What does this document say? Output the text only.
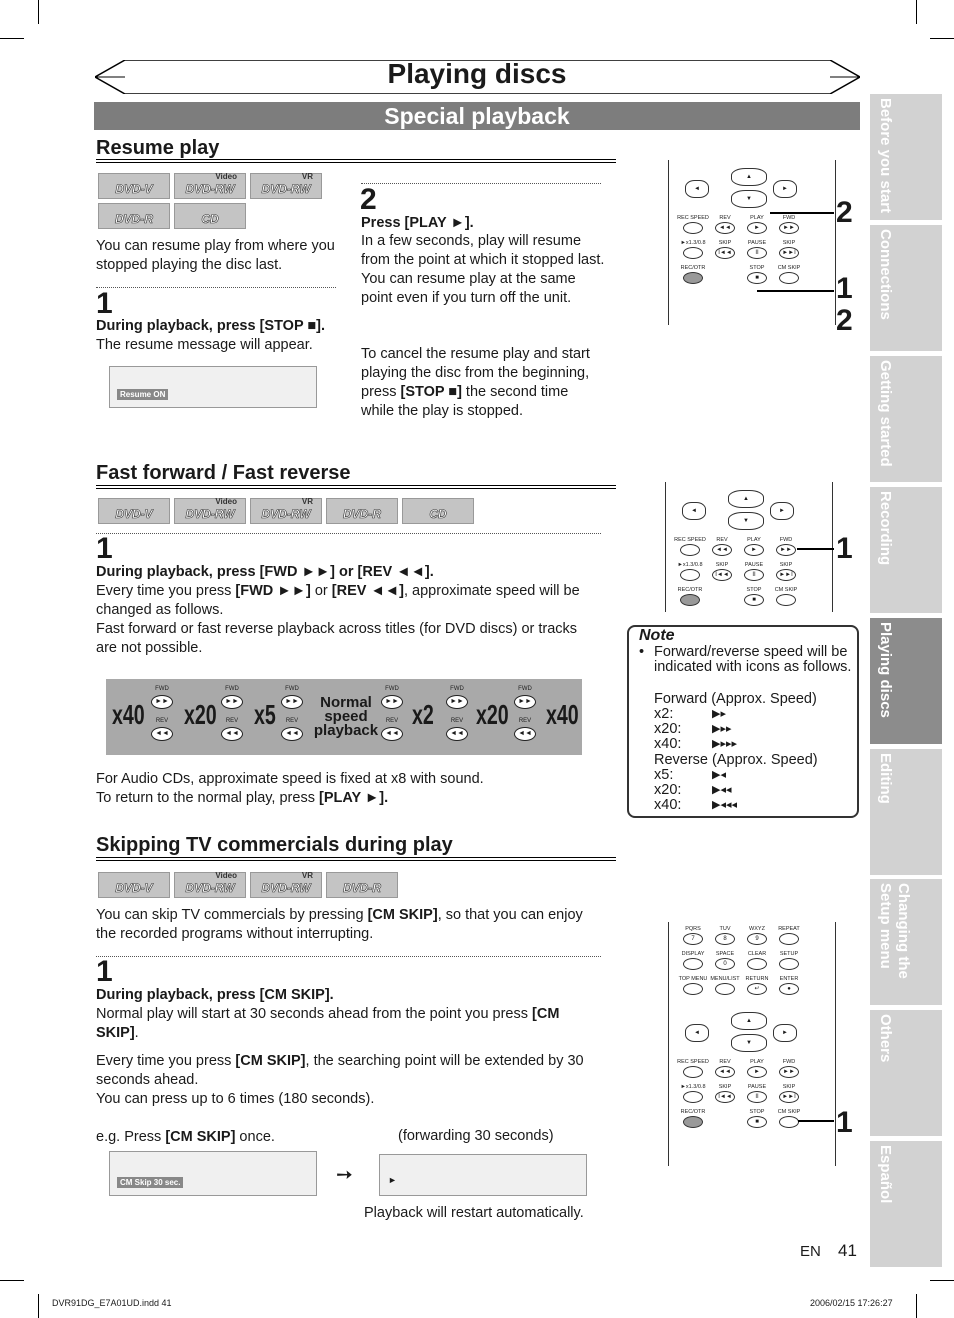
Playing discs
Special playback
Resume play
DVD-V
Video
DVD-RW
VR
DVD-RW
DVD-R	CD
You can resume play from where you stopped playing the disc last.
1
During playback, press [STOP ■].
The resume message will appear.
Resume ON
2
Press [PLAY ►].
In a few seconds, play will resume from the point at which it stopped last. You can resume play at the same point even if you turn off the unit.
To cancel the resume play and start playing the disc from the beginning, press [STOP ■] the second time while the play is stopped.
Fast forward / Fast reverse
DVD-V
Video
DVD-RW
VR
DVD-RW	DVD-R	CD
1
During playback, press [FWD ►►] or [REV ◄◄].
Every time you press [FWD ►►] or [REV ◄◄], approximate speed will be changed as follows.
Fast forward or fast reverse playback across titles (for DVD discs) or tracks are not possible.
x40 x20 x5	x2 x20 x40
FWD
►►
REV
◄◄
FWD
►►
REV
◄◄
FWD
►►
REV
◄◄
FWD
►►
REV
◄◄
FWD
►►
REV
◄◄
FWD
►►
REV
◄◄
Normal
speed
playback
For Audio CDs, approximate speed is fixed at x8 with sound.
To return to the normal play, press [PLAY ►].
Note
• Forward/reverse speed will be indicated with icons as follows.
Forward (Approx. Speed)
x2:	▶▸
x20:	▶▸▸
x40:	▶▸▸▸
Reverse (Approx. Speed)
x5:	▶◂
x20:	▶◂◂
x40:	▶◂◂◂
Skipping TV commercials during play
DVD-V
Video
DVD-RW
VR
DVD-RW	DVD-R
You can skip TV commercials by pressing [CM SKIP], so that you can enjoy the recorded programs without interrupting.
1
During playback, press [CM SKIP].
Normal play will start at 30 seconds ahead from the point you press [CM SKIP].
Every time you press [CM SKIP], the searching point will be extended by 30 seconds ahead.
You can press up to 6 times (180 seconds).
e.g. Press [CM SKIP] once.	(forwarding 30 seconds)
CM Skip 30 sec.	➙	►
Playback will restart automatically.
▲
▼
◄	►
REC SPEED	REV
◄◄
PLAY
►
FWD
►►
►x1.3/0.8	SKIP
I◄◄
PAUSE
II
SKIP
►►I
REC/OTR	STOP
■
CM SKIP
▲
▼
◄	►
REC SPEED	REV
◄◄
PLAY
►
FWD
►►
►x1.3/0.8	SKIP
I◄◄
PAUSE
II
SKIP
►►I
REC/OTR	STOP
■
CM SKIP
PQRS
7
TUV
8
WXYZ
9
REPEAT
DISPLAY	SPACE
0
CLEAR	SETUP
TOP MENU MENU/LIST	RETURN
↵
ENTER
●
▲
▼
◄	►
REC SPEED	REV
◄◄
PLAY
►
FWD
►►
►x1.3/0.8	SKIP
I◄◄
PAUSE
II
SKIP
►►I
REC/OTR	STOP
■
CM SKIP
2
1
2
1
1
Before you start
Connections
Getting started
Recording
Playing discs
Editing
Changing the Setup menu
Others
Español
EN 41
DVR91DG_E7A01UD.indd 41	2006/02/15 17:26:27
